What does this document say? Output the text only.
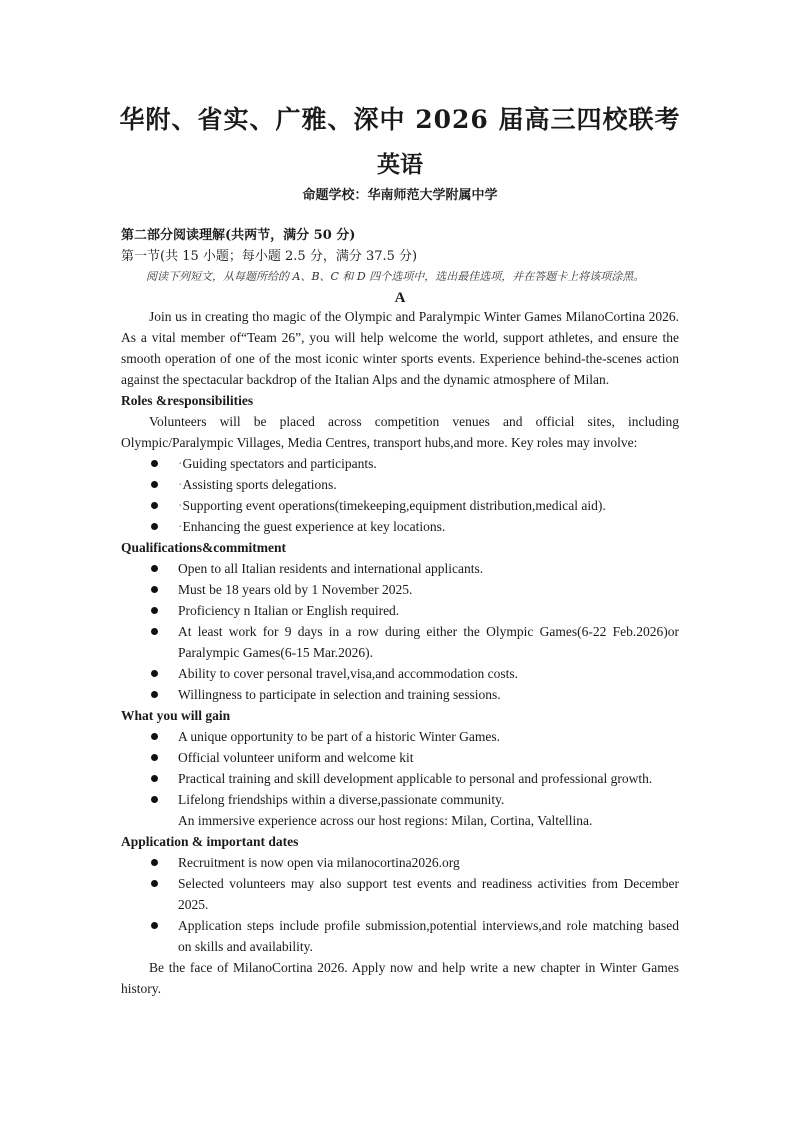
华附、省实、广雅、深中 2026 届高三四校联考
英语
命题学校：华南师范大学附属中学
第二部分阅读理解(共两节，满分 50 分)
第一节(共 15 小题；每小题 2.5 分，满分 37.5 分)
阅读下列短文，从每题所给的 A、B、C 和 D 四个选项中，选出最佳选项，并在答题卡上将该项涂黑。
A

Join us in creating tho magic of the Olympic and Paralympic Winter Games MilanoCortina 2026. As a vital member of“Team 26”, you will help welcome the world, support athletes, and ensure the smooth operation of one of the most iconic winter sports events. Experience behind-the-scenes action against the spectacular backdrop of the Italian Alps and the dynamic atmosphere of Milan.

Roles &responsibilities

Volunteers will be placed across competition venues and official sites, including Olympic/Paralympic Villages, Media Centres, transport hubs,and more. Key roles may involve:

·Guiding spectators and participants.
·Assisting sports delegations.
·Supporting event operations(timekeeping,equipment distribution,medical aid).
·Enhancing the guest experience at key locations.

Qualifications&commitment

Open to all Italian residents and international applicants.
Must be 18 years old by 1 November 2025.
Proficiency n Italian or English required.
At least work for 9 days in a row during either the Olympic Games(6-22 Feb.2026)or Paralympic Games(6-15 Mar.2026).
Ability to cover personal travel,visa,and accommodation costs.
Willingness to participate in selection and training sessions.

What you will gain

A unique opportunity to be part of a historic Winter Games.
Official volunteer uniform and welcome kit
Practical training and skill development applicable to personal and professional growth.
Lifelong friendships within a diverse,passionate community.

An immersive experience across our host regions: Milan, Cortina, Valtellina.

Application & important dates

Recruitment is now open via milanocortina2026.org
Selected volunteers may also support test events and readiness activities from December 2025.
Application steps include profile submission,potential interviews,and role matching based on skills and availability.

Be the face of MilanoCortina 2026. Apply now and help write a new chapter in Winter Games history.
